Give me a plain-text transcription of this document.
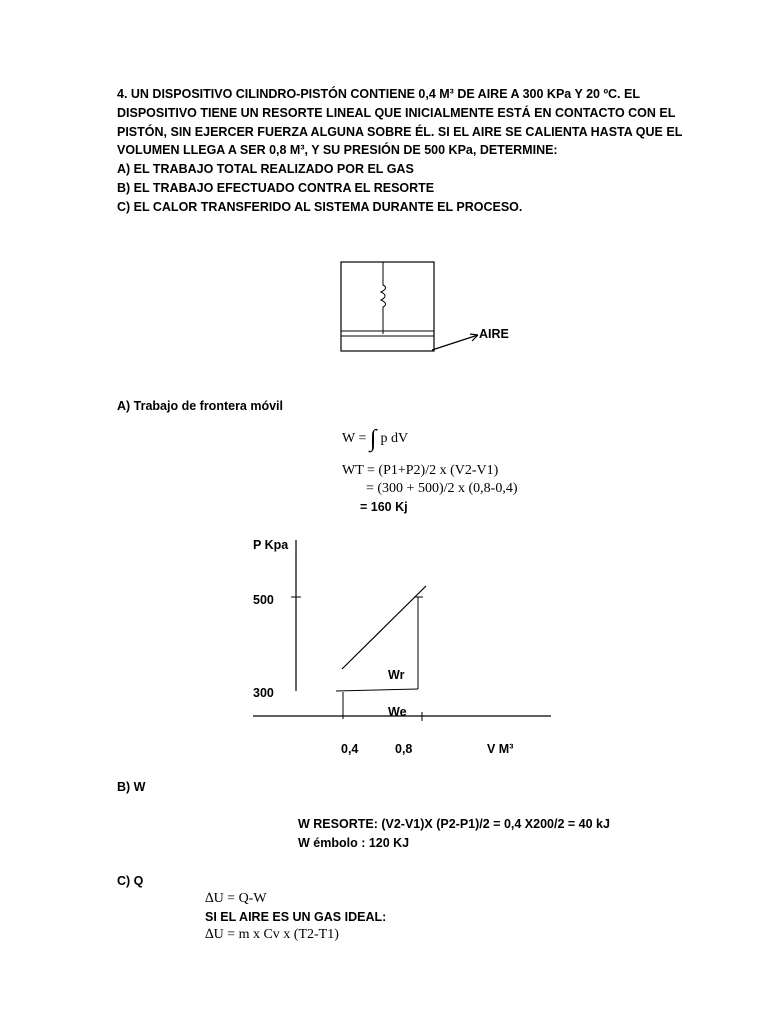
4. UN DISPOSITIVO CILINDRO-PISTÓN CONTIENE 0,4 M³ DE AIRE A 300 KPa Y 20 ºC. EL
DISPOSITIVO TIENE UN RESORTE LINEAL QUE INICIALMENTE ESTÁ EN CONTACTO CON EL
PISTÓN, SIN EJERCER FUERZA ALGUNA SOBRE ÉL. SI EL AIRE SE CALIENTA HASTA QUE EL
VOLUMEN LLEGA A SER 0,8 M³, Y SU PRESIÓN DE 500 KPa, DETERMINE:
A) EL TRABAJO TOTAL REALIZADO POR EL GAS
B) EL TRABAJO EFECTUADO CONTRA EL RESORTE
C) EL CALOR TRANSFERIDO AL SISTEMA DURANTE EL PROCESO.
AIRE
A) Trabajo de frontera móvil
W = ∫ p dV
WT = (P1+P2)/2 x (V2-V1)
= (300 + 500)/2 x (0,8-0,4)
= 160 Kj
P Kpa
500
300
Wr
We
0,4	0,8	V M³
B) W
W RESORTE: (V2-V1)X (P2-P1)/2 = 0,4 X200/2 = 40 kJ
W émbolo : 120 KJ
C) Q
∆U = Q-W
SI EL AIRE ES UN GAS IDEAL:
∆U = m x Cv x (T2-T1)
